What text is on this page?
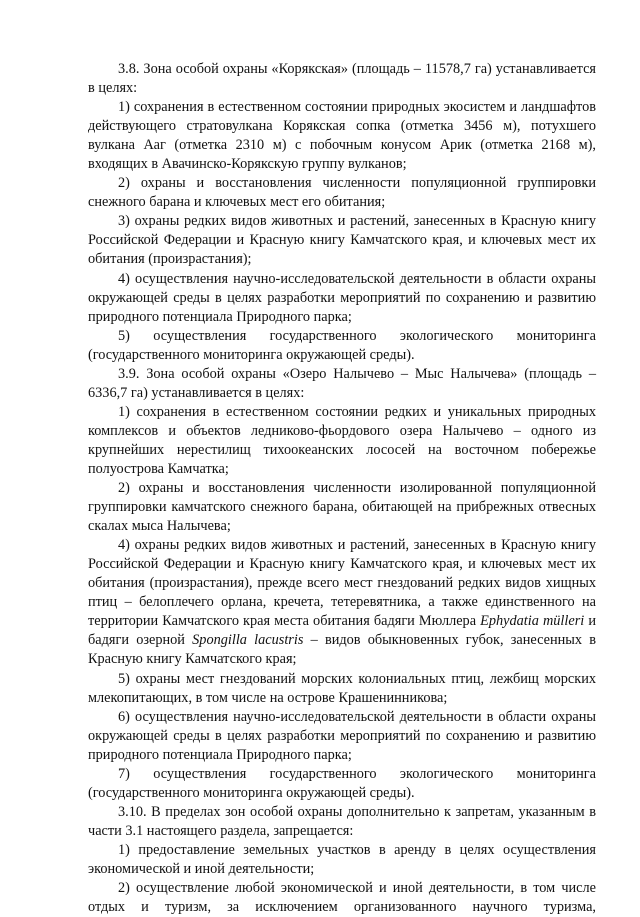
3.8. Зона особой охраны «Корякская» (площадь – 11578,7 га) устанавливается в целях:

1) сохранения в естественном состоянии природных экосистем и ландшафтов действующего стратовулкана Корякская сопка (отметка 3456 м), потухшего вулкана Ааг (отметка 2310 м) с побочным конусом Арик (отметка 2168 м), входящих в Авачинско-Корякскую группу вулканов;

2) охраны и восстановления численности популяционной группировки снежного барана и ключевых мест его обитания;

3) охраны редких видов животных и растений, занесенных в Красную книгу Российской Федерации и Красную книгу Камчатского края, и ключевых мест их обитания (произрастания);

4) осуществления научно-исследовательской деятельности в области охраны окружающей среды в целях разработки мероприятий по сохранению и развитию природного потенциала Природного парка;

5) осуществления государственного экологического мониторинга (государственного мониторинга окружающей среды).

3.9. Зона особой охраны «Озеро Налычево – Мыс Налычева» (площадь – 6336,7 га) устанавливается в целях:

1) сохранения в естественном состоянии редких и уникальных природных комплексов и объектов ледниково-фьордового озера Налычево – одного из крупнейших нерестилищ тихоокеанских лососей на восточном побережье полуострова Камчатка;

2) охраны и восстановления численности изолированной популяционной группировки камчатского снежного барана, обитающей на прибрежных отвесных скалах мыса Налычева;

4) охраны редких видов животных и растений, занесенных в Красную книгу Российской Федерации и Красную книгу Камчатского края, и ключевых мест их обитания (произрастания), прежде всего мест гнездований редких видов хищных птиц – белоплечего орлана, кречета, тетеревятника, а также единственного на территории Камчатского края места обитания бадяги Мюллера Ephydatia mülleri и бадяги озерной Spongilla lacustris – видов обыкновенных губок, занесенных в Красную книгу Камчатского края;

5) охраны мест гнездований морских колониальных птиц, лежбищ морских млекопитающих, в том числе на острове Крашенинникова;

6) осуществления научно-исследовательской деятельности в области охраны окружающей среды в целях разработки мероприятий по сохранению и развитию природного потенциала Природного парка;

7) осуществления государственного экологического мониторинга (государственного мониторинга окружающей среды).

3.10. В пределах зон особой охраны дополнительно к запретам, указанным в части 3.1 настоящего раздела, запрещается:

1) предоставление земельных участков в аренду в целях осуществления экономической и иной деятельности;

2) осуществление любой экономической и иной деятельности, в том числе отдых и туризм, за исключением организованного научного туризма,
